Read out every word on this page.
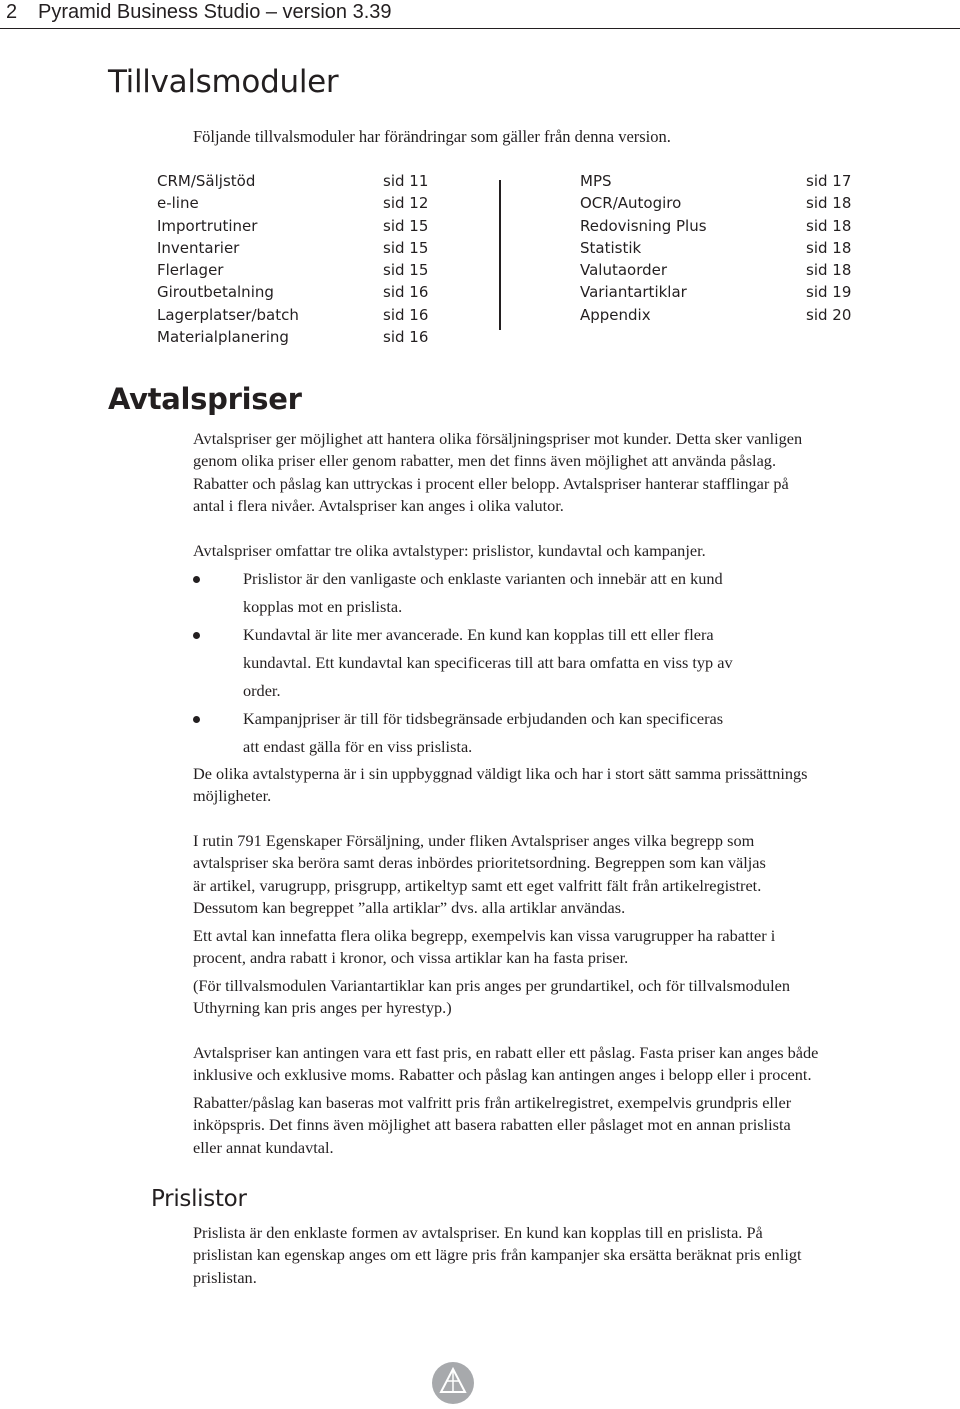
2 Pyramid Business Studio – version 3.39
Tillvalsmoduler
Följande tillvalsmoduler har förändringar som gäller från denna version.
CRM/Säljstöd	sid 11
e-line	sid 12
Importrutiner	sid 15
Inventarier	sid 15
Flerlager	sid 15
Giroutbetalning	sid 16
Lagerplatser/batch	sid 16
Materialplanering	sid 16
MPS	sid 17
OCR/Autogiro	sid 18
Redovisning Plus	sid 18
Statistik	sid 18
Valutaorder	sid 18
Variantartiklar	sid 19
Appendix	sid 20
Avtalspriser

Avtalspriser ger möjlighet att hantera olika försäljningspriser mot kunder. Detta sker vanligen
genom olika priser eller genom rabatter, men det finns även möjlighet att använda påslag.
Rabatter och påslag kan uttryckas i procent eller belopp. Avtalspriser hanterar stafflingar på
antal i flera nivåer. Avtalspriser kan anges i olika valutor.

Avtalspriser omfattar tre olika avtalstyper: prislistor, kundavtal och kampanjer.

Prislistor är den vanligaste och enklaste varianten och innebär att en kund
kopplas mot en prislista.
Kundavtal är lite mer avancerade. En kund kan kopplas till ett eller flera
kundavtal. Ett kundavtal kan specificeras till att bara omfatta en viss typ av
order.
Kampanjpriser är till för tidsbegränsade erbjudanden och kan specificeras
att endast gälla för en viss prislista.

De olika avtalstyperna är i sin uppbyggnad väldigt lika och har i stort sätt samma prissättnings
möjligheter.

I rutin 791 Egenskaper Försäljning, under fliken Avtalspriser anges vilka begrepp som
avtalspriser ska beröra samt deras inbördes prioritetsordning. Begreppen som kan väljas
är artikel, varugrupp, prisgrupp, artikeltyp samt ett eget valfritt fält från artikelregistret.
Dessutom kan begreppet ”alla artiklar” dvs. alla artiklar användas.

Ett avtal kan innefatta flera olika begrepp, exempelvis kan vissa varugrupper ha rabatter i
procent, andra rabatt i kronor, och vissa artiklar kan ha fasta priser.

(För tillvalsmodulen Variantartiklar kan pris anges per grundartikel, och för tillvalsmodulen
Uthyrning kan pris anges per hyrestyp.)

Avtalspriser kan antingen vara ett fast pris, en rabatt eller ett påslag. Fasta priser kan anges både
inklusive och exklusive moms. Rabatter och påslag kan antingen anges i belopp eller i procent.

Rabatter/påslag kan baseras mot valfritt pris från artikelregistret, exempelvis grundpris eller
inköpspris. Det finns även möjlighet att basera rabatten eller påslaget mot en annan prislista
eller annat kundavtal.

Prislistor

Prislista är den enklaste formen av avtalspriser. En kund kan kopplas till en prislista. På
prislistan kan egenskap anges om ett lägre pris från kampanjer ska ersätta beräknat pris enligt
prislistan.
